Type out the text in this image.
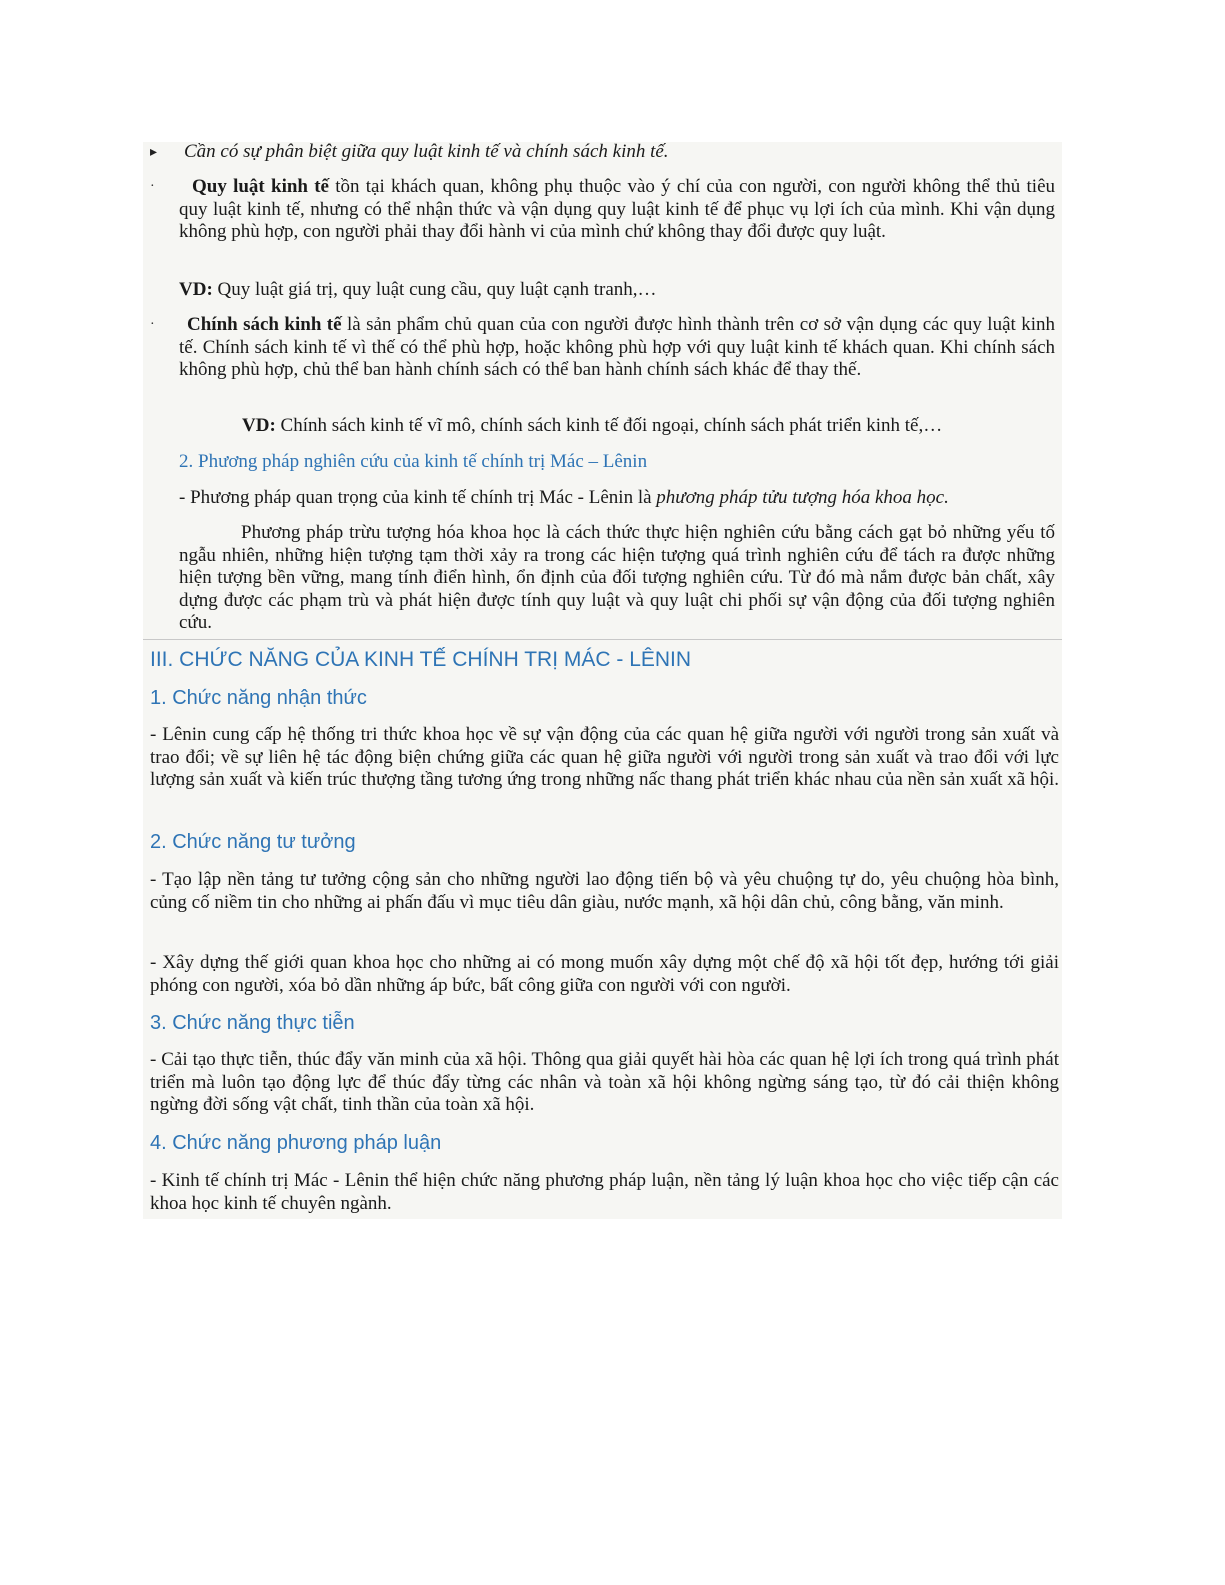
▸ Cần có sự phân biệt giữa quy luật kinh tế và chính sách kinh tế.

·	Quy luật kinh tế tồn tại khách quan, không phụ thuộc vào ý chí của con người, con người không thể thủ tiêu quy luật kinh tế, nhưng có thể nhận thức và vận dụng quy luật kinh tế để phục vụ lợi ích của mình. Khi vận dụng không phù hợp, con người phải thay đổi hành vi của mình chứ không thay đổi được quy luật.

VD: Quy luật giá trị, quy luật cung cầu, quy luật cạnh tranh,…

·	Chính sách kinh tế là sản phẩm chủ quan của con người được hình thành trên cơ sở vận dụng các quy luật kinh tế. Chính sách kinh tế vì thế có thể phù hợp, hoặc không phù hợp với quy luật kinh tế khách quan. Khi chính sách không phù hợp, chủ thể ban hành chính sách có thể ban hành chính sách khác để thay thế.

VD: Chính sách kinh tế vĩ mô, chính sách kinh tế đối ngoại, chính sách phát triển kinh tế,…

2. Phương pháp nghiên cứu của kinh tế chính trị Mác – Lênin

- Phương pháp quan trọng của kinh tế chính trị Mác - Lênin là phương pháp tửu tượng hóa khoa học.

Phương pháp trừu tượng hóa khoa học là cách thức thực hiện nghiên cứu bằng cách gạt bỏ những yếu tố ngẫu nhiên, những hiện tượng tạm thời xảy ra trong các hiện tượng quá trình nghiên cứu để tách ra được những hiện tượng bền vững, mang tính điển hình, ổn định của đối tượng nghiên cứu. Từ đó mà nắm được bản chất, xây dựng được các phạm trù và phát hiện được tính quy luật và quy luật chi phối sự vận động của đối tượng nghiên cứu.

III. CHỨC NĂNG CỦA KINH TẾ CHÍNH TRỊ MÁC - LÊNIN
1. Chức năng nhận thức

- Lênin cung cấp hệ thống tri thức khoa học về sự vận động của các quan hệ giữa người với người trong sản xuất và trao đổi; về sự liên hệ tác động biện chứng giữa các quan hệ giữa người với người trong sản xuất và trao đổi với lực lượng sản xuất và kiến trúc thượng tầng tương ứng trong những nấc thang phát triển khác nhau của nền sản xuất xã hội.

2. Chức năng tư tưởng

- Tạo lập nền tảng tư tưởng cộng sản cho những người lao động tiến bộ và yêu chuộng tự do, yêu chuộng hòa bình, củng cố niềm tin cho những ai phấn đấu vì mục tiêu dân giàu, nước mạnh, xã hội dân chủ, công bằng, văn minh.

- Xây dựng thế giới quan khoa học cho những ai có mong muốn xây dựng một chế độ xã hội tốt đẹp, hướng tới giải phóng con người, xóa bỏ dần những áp bức, bất công giữa con người với con người.

3. Chức năng thực tiễn

- Cải tạo thực tiễn, thúc đẩy văn minh của xã hội. Thông qua giải quyết hài hòa các quan hệ lợi ích trong quá trình phát triển mà luôn tạo động lực để thúc đẩy từng các nhân và toàn xã hội không ngừng sáng tạo, từ đó cải thiện không ngừng đời sống vật chất, tinh thần của toàn xã hội.

4. Chức năng phương pháp luận

- Kinh tế chính trị Mác - Lênin thể hiện chức năng phương pháp luận, nền tảng lý luận khoa học cho việc tiếp cận các khoa học kinh tế chuyên ngành.
